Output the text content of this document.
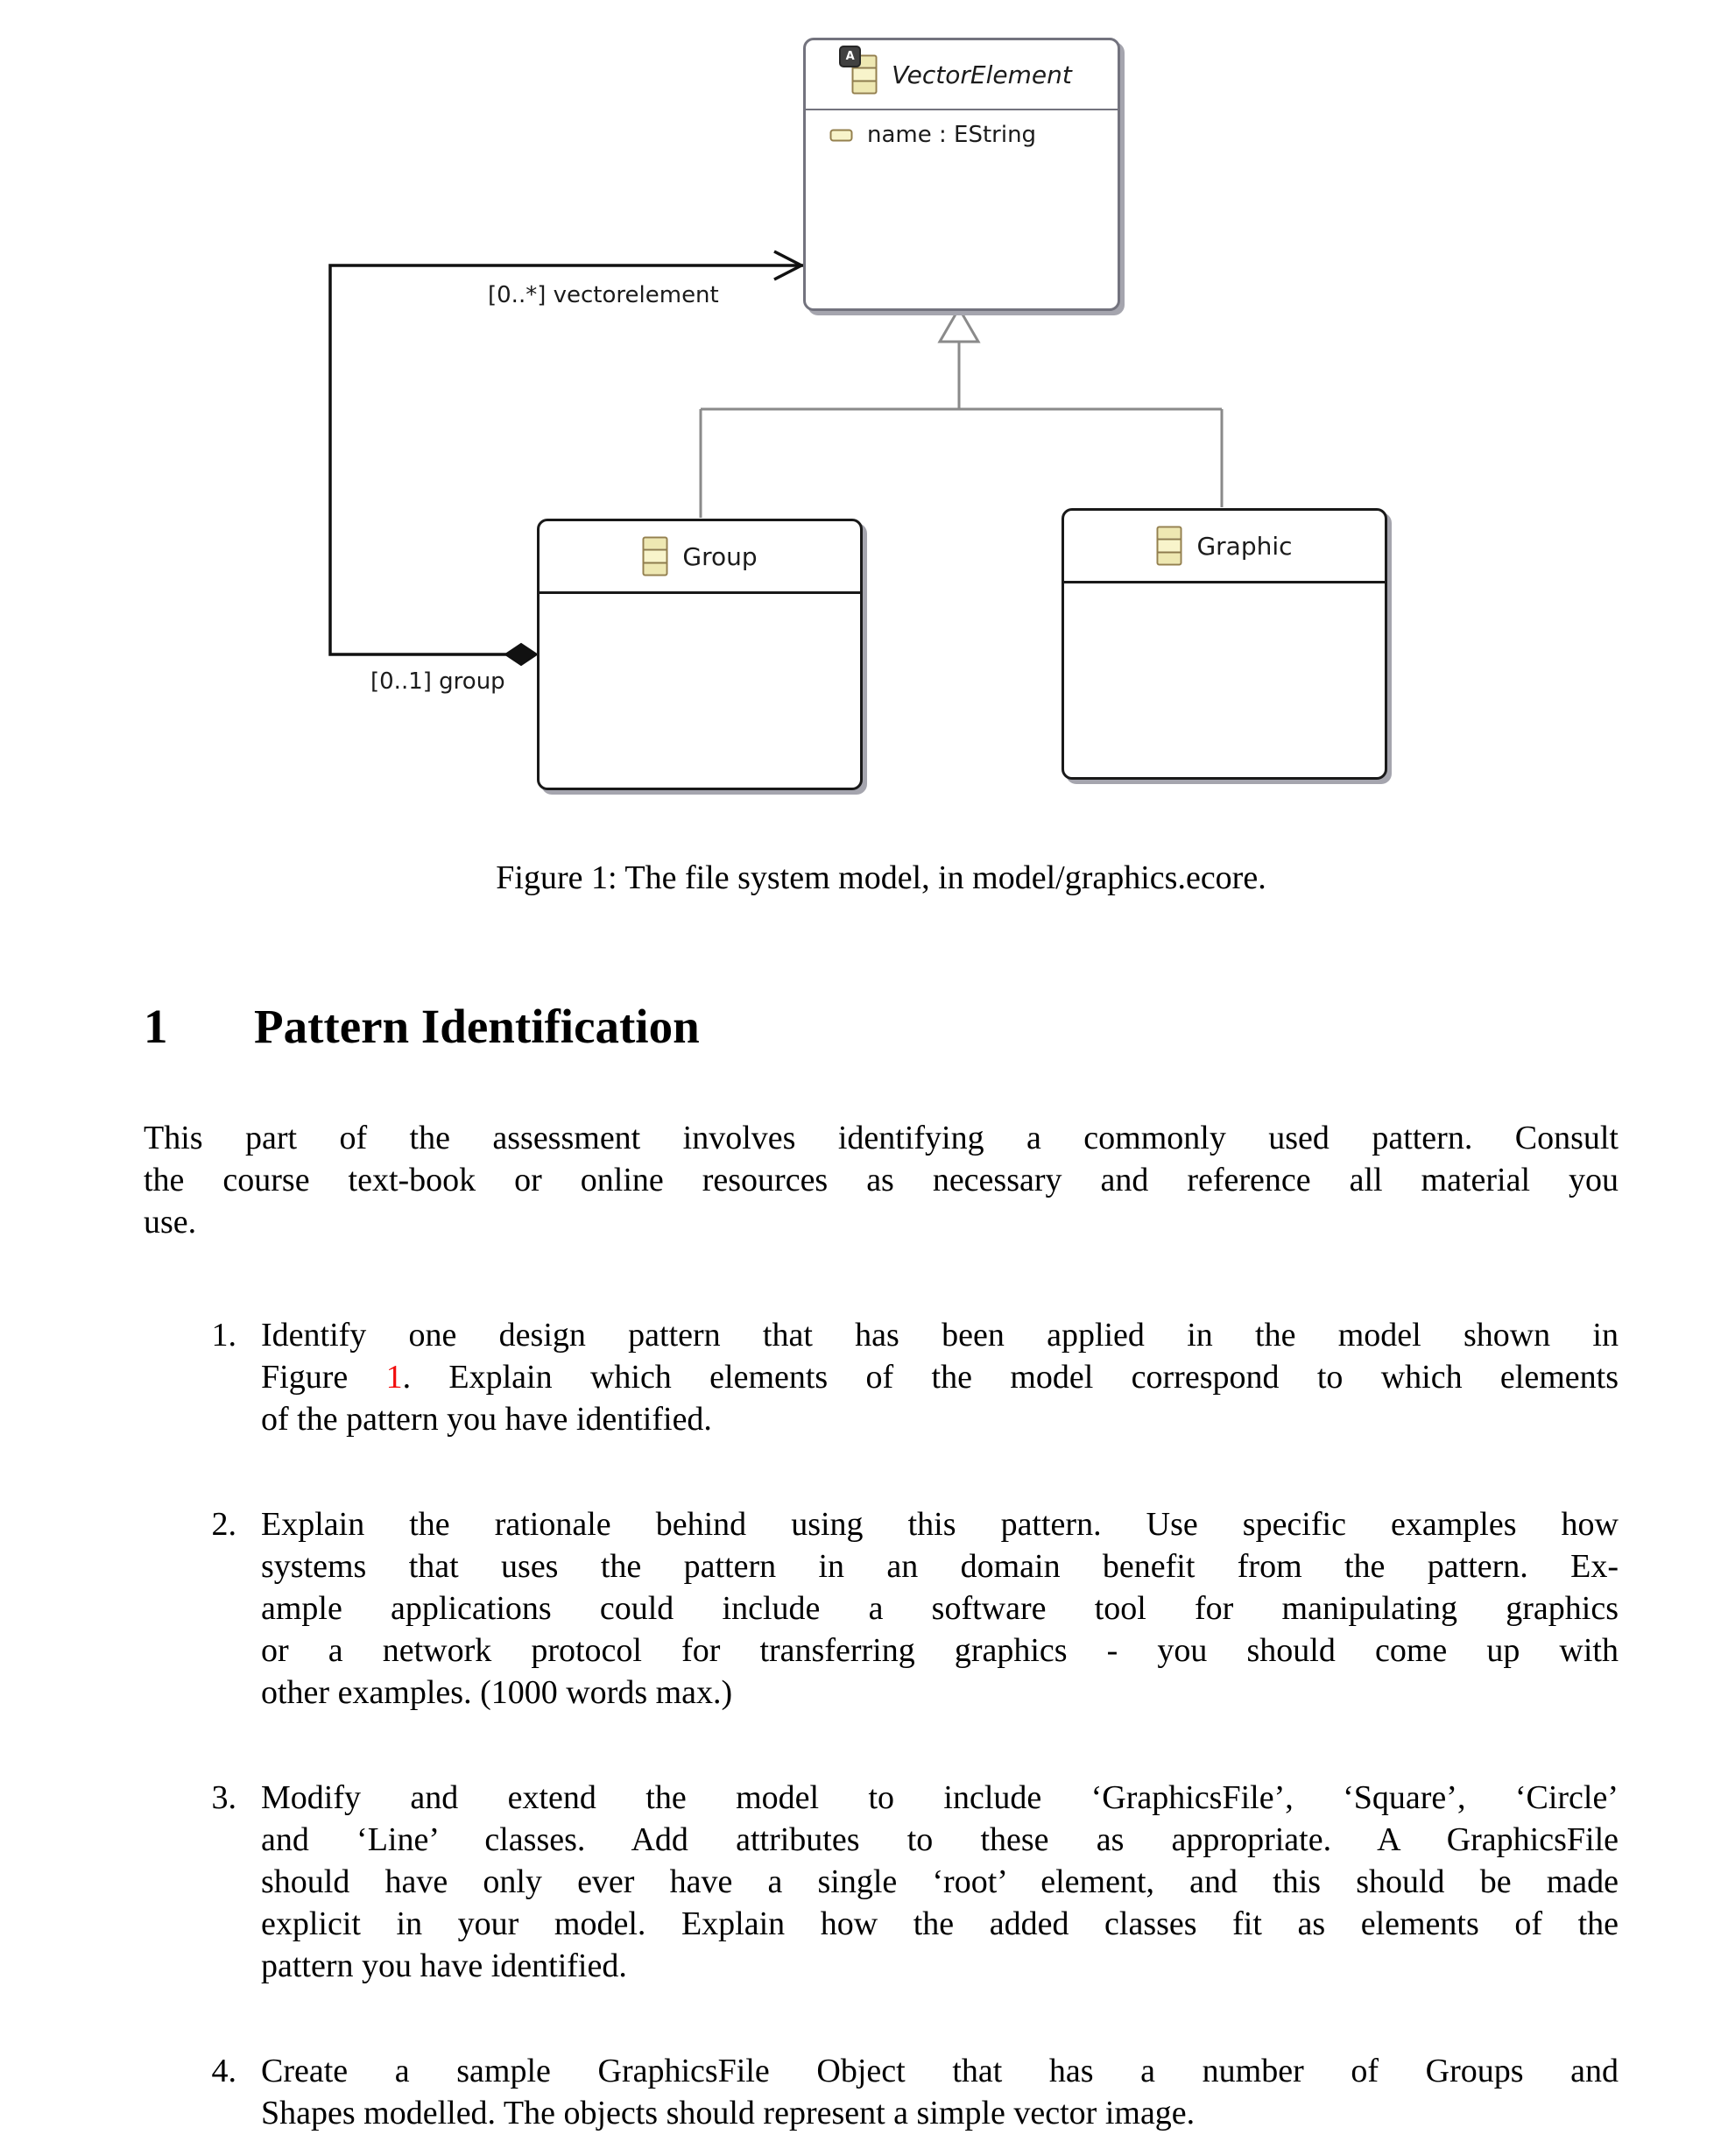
A
VectorElement
name : EString
Group	Graphic
[0..*] vectorelement
[0..1] group
Figure 1: The file system model, in model/graphics.ecore.
1 Pattern Identification
This part of the assessment involves identifying a commonly used pattern. Consult
the course text-book or online resources as necessary and reference all material you
use.
1. Identify one design pattern that has been applied in the model shown in
Figure 1. Explain which elements of the model correspond to which elements
of the pattern you have identified.
2. Explain the rationale behind using this pattern. Use specific examples how
systems that uses the pattern in an domain benefit from the pattern. Ex-
ample applications could include a software tool for manipulating graphics
or a network protocol for transferring graphics - you should come up with
other examples. (1000 words max.)
3. Modify and extend the model to include ‘GraphicsFile’, ‘Square’, ‘Circle’
and ‘Line’ classes. Add attributes to these as appropriate. A GraphicsFile
should have only ever have a single ‘root’ element, and this should be made
explicit in your model. Explain how the added classes fit as elements of the
pattern you have identified.
4. Create a sample GraphicsFile Object that has a number of Groups and
Shapes modelled. The objects should represent a simple vector image.
